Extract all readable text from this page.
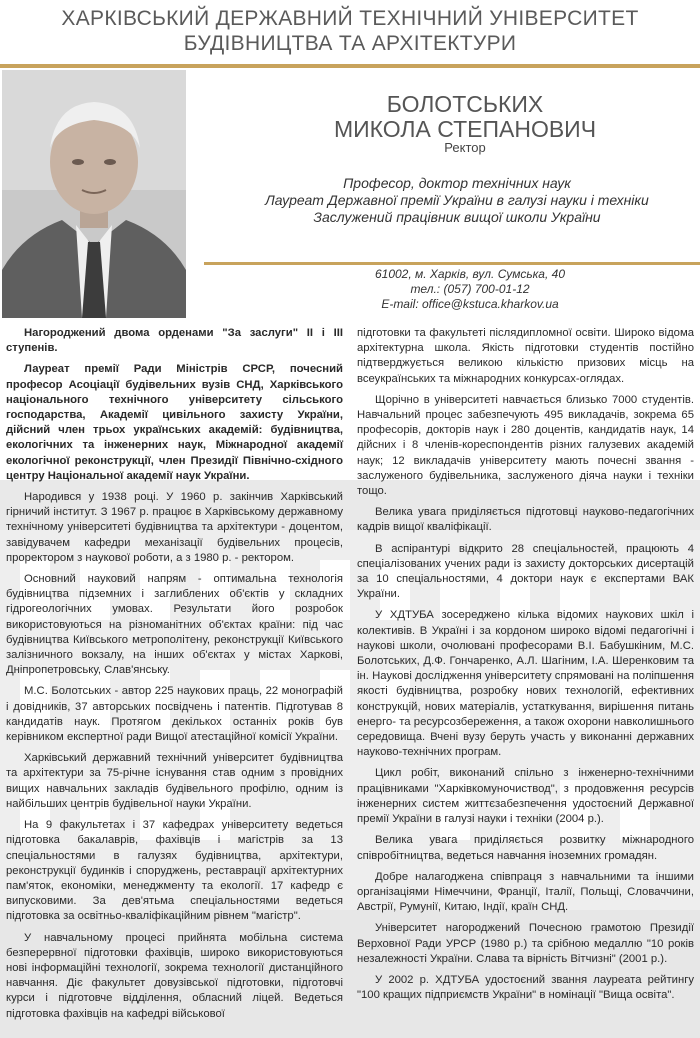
ХАРКІВСЬКИЙ ДЕРЖАВНИЙ ТЕХНІЧНИЙ УНІВЕРСИТЕТ
БУДІВНИЦТВА ТА АРХІТЕКТУРИ
БОЛОТСЬКИХ
МИКОЛА СТЕПАНОВИЧ
Ректор
Професор, доктор технічних наук
Лауреат Державної премії України в галузі науки і техніки
Заслужений працівник вищої школи України
61002, м. Харків, вул. Сумська, 40
тел.: (057) 700-01-12
E-mail: office@kstuca.kharkov.ua

Нагороджений двома орденами "За заслуги" ІІ і ІІІ ступенів.

Лауреат премії Ради Міністрів СРСР, почесний професор Асоціації будівельних вузів СНД, Харківського національного технічного університету сільського господарства, Академії цивільного захисту України, дійсний член трьох українських академій: будівництва, екологічних та інженерних наук, Міжнародної академії екологічної реконструкції, член Президії Північно-східного центру Національної академії наук України.

Народився у 1938 році. У 1960 р. закінчив Харківський гірничий інститут. З 1967 р. працює в Харківському державному технічному університеті будівництва та архітектури - доцентом, завідувачем кафедри механізації будівельних процесів, проректором з наукової роботи, а з 1980 р. - ректором.

Основний науковий напрям - оптимальна технологія будівництва підземних і заглиблених об'єктів у складних гідрогеологічних умовах. Результати його розробок використовуються на різноманітних об'єктах країни: під час будівництва Київського метрополітену, реконструкції Київського залізничного вокзалу, на інших об'єктах у містах Харкові, Дніпропетровську, Слав'янську.

М.С. Болотських - автор 225 наукових праць, 22 монографій і довідників, 37 авторських посвідчень і патентів. Підготував 8 кандидатів наук. Протягом декількох останніх років був керівником експертної ради Вищої атестаційної комісії України.

Харківський державний технічний університет будівництва та архітектури за 75-річне існування став одним з провідних вищих навчальних закладів будівельного профілю, одним із найбільших центрів будівельної науки України.

На 9 факультетах і 37 кафедрах університету ведеться підготовка бакалаврів, фахівців і магістрів за 13 спеціальностями в галузях будівництва, архітектури, реконструкції будинків і споруджень, реставрації архітектурних пам'яток, економіки, менеджменту та екології. 17 кафедр є випусковими. За дев'ятьма спеціальностями ведеться підготовка за освітньо-кваліфікаційним рівнем "магістр".

У навчальному процесі прийнята мобільна система безперервної підготовки фахівців, широко використовуються нові інформаційні технології, зокрема технології дистанційного навчання. Діє факультет довузівської підготовки, підготовчі курси і підготовче відділення, обласний ліцей. Ведеться підготовка фахівців на кафедрі військової

підготовки та факультеті післядипломної освіти. Широко відома архітектурна школа. Якість підготовки студентів постійно підтверджується великою кількістю призових місць на всеукраїнських та міжнародних конкурсах-оглядах.

Щорічно в університеті навчається близько 7000 студентів. Навчальний процес забезпечують 495 викладачів, зокрема 65 професорів, докторів наук і 280 доцентів, кандидатів наук, 14 дійсних і 8 членів-кореспондентів різних галузевих академій наук; 12 викладачів університету мають почесні звання - заслуженого будівельника, заслуженого діяча науки і техніки тощо.

Велика увага приділяється підготовці науково-педагогічних кадрів вищої кваліфікації.

В аспірантурі відкрито 28 спеціальностей, працюють 4 спеціалізованих учених ради із захисту докторських дисертацій за 10 спеціальностями, 4 доктори наук є експертами ВАК України.

У ХДТУБА зосереджено кілька відомих наукових шкіл і колективів. В Україні і за кордоном широко відомі педагогічні і наукові школи, очолювані професорами В.І. Бабушкіним, М.С. Болотських, Д.Ф. Гончаренко, А.Л. Шагіним, І.А. Шеренковим та ін. Наукові дослідження університету спрямовані на поліпшення якості будівництва, розробку нових технологій, ефективних конструкцій, нових матеріалів, устаткування, вирішення питань енерго- та ресурсозбереження, а також охорони навколишнього середовища. Вчені вузу беруть участь у виконанні державних науково-технічних програм.

Цикл робіт, виконаний спільно з інженерно-технічними працівниками "Харківкомуночиствод", з продовження ресурсів інженерних систем життєзабезпечення удостоєний Державної премії України в галузі науки і техніки (2004 р.).

Велика увага приділяється розвитку міжнародного співробітництва, ведеться навчання іноземних громадян.

Добре налагоджена співпраця з навчальними та іншими організаціями Німеччини, Франції, Італії, Польщі, Словаччини, Австрії, Румунії, Китаю, Індії, країн СНД.

Університет нагороджений Почесною грамотою Президії Верховної Ради УРСР (1980 р.) та срібною медаллю "10 років незалежності України. Слава та вірність Вітчизні" (2001 р.).

У 2002 р. ХДТУБА удостоєний звання лауреата рейтингу "100 кращих підприємств України" в номінації "Вища освіта".
